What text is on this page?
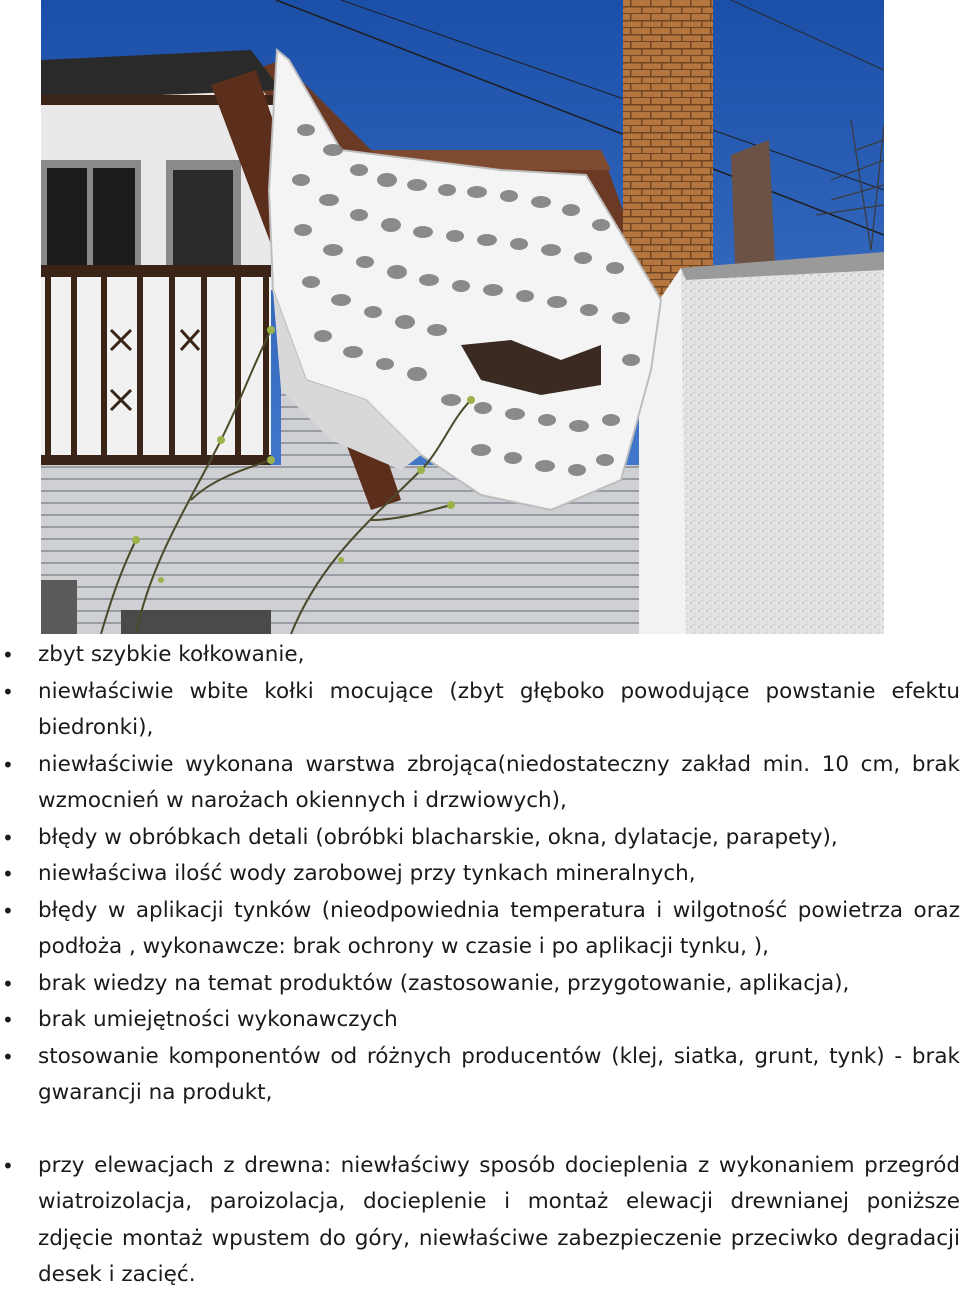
• zbyt szybkie kołkowanie,
• niewłaściwie wbite kołki mocujące (zbyt głęboko powodujące powstanie efektu biedronki),
• niewłaściwie wykonana warstwa zbrojąca(niedostateczny zakład min. 10 cm, brak wzmocnień w narożach okiennych i drzwiowych),
• błędy w obróbkach detali (obróbki blacharskie, okna, dylatacje, parapety),
• niewłaściwa ilość wody zarobowej przy tynkach mineralnych,
• błędy w aplikacji tynków (nieodpowiednia temperatura i wilgotność powietrza oraz podłoża , wykonawcze: brak ochrony w czasie i po aplikacji tynku, ),
• brak wiedzy na temat produktów (zastosowanie, przygotowanie, aplikacja),
• brak umiejętności wykonawczych
• stosowanie komponentów od różnych producentów (klej, siatka, grunt, tynk) - brak gwarancji na produkt,
• przy elewacjach z drewna: niewłaściwy sposób docieplenia z wykonaniem przegród wiatroizolacja, paroizolacja, docieplenie i montaż elewacji drewnianej poniższe zdjęcie montaż wpustem do góry, niewłaściwe zabezpieczenie przeciwko degradacji desek i zacięć.
